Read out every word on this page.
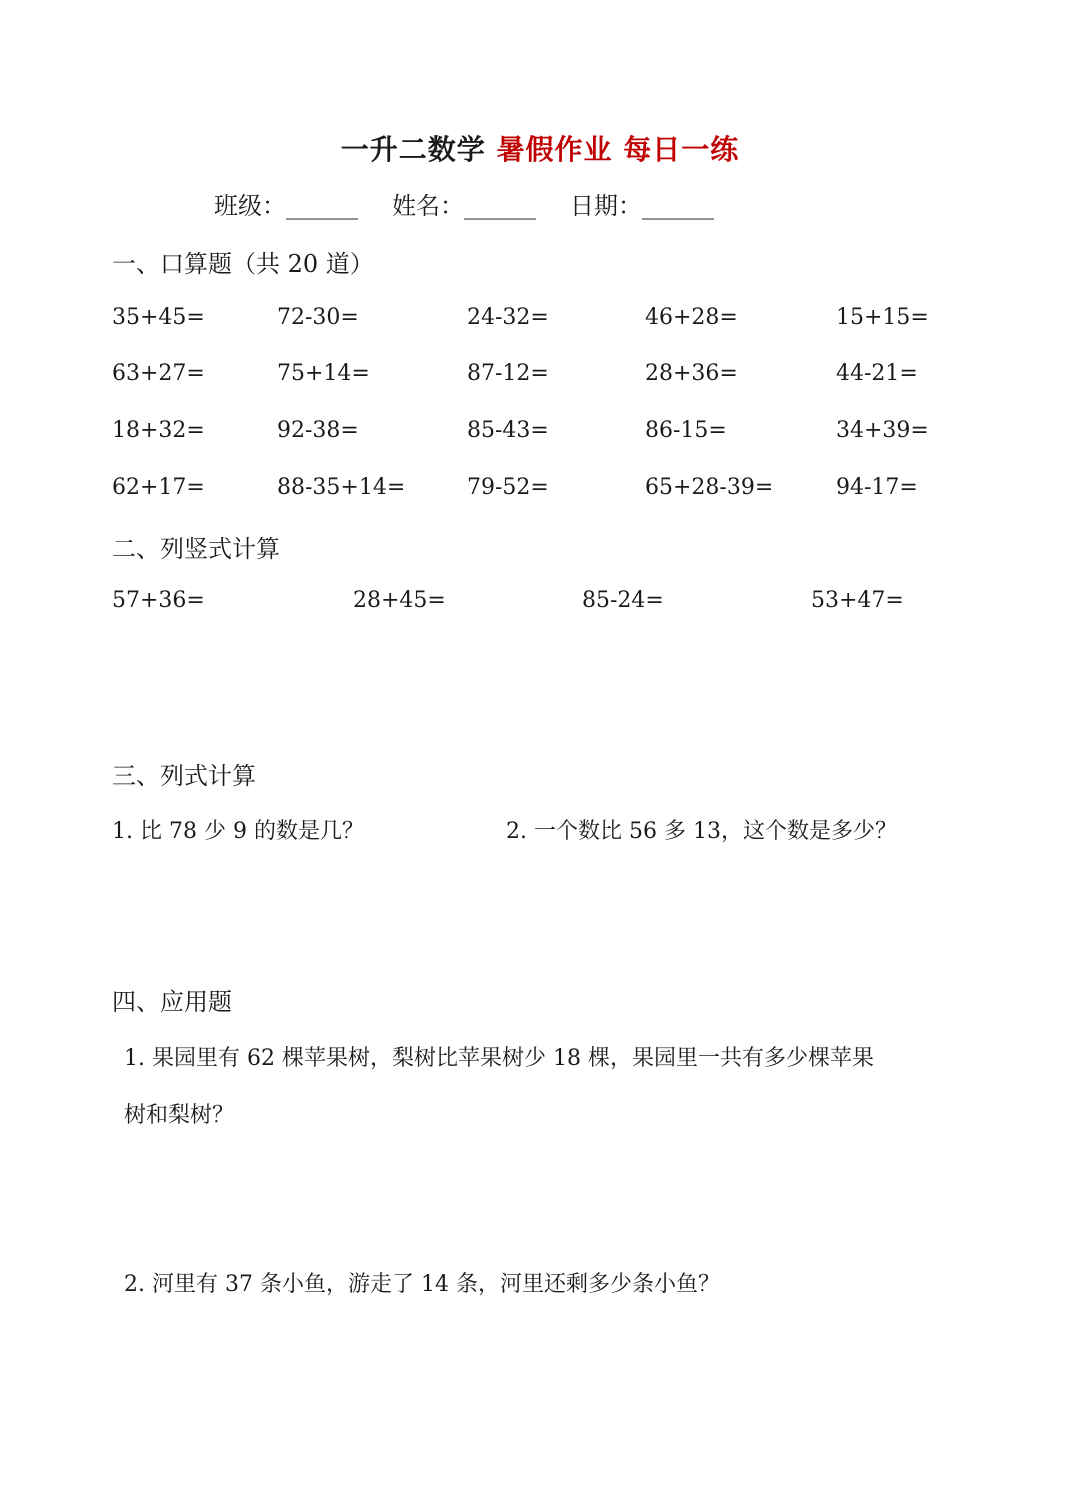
一升二数学 暑假作业 每日一练
班级：______ 姓名：______ 日期：______
一、口算题（共 20 道）
35+45=	72-30=	24-32=	46+28=	15+15=
63+27=	75+14=	87-12=	28+36=	44-21=
18+32=	92-38=	85-43=	86-15=	34+39=
62+17=	88-35+14=	79-52=	65+28-39=	94-17=
二、列竖式计算
57+36=	28+45=	85-24=	53+47=
三、列式计算
1. 比 78 少 9 的数是几？	2. 一个数比 56 多 13，这个数是多少？
四、应用题
1. 果园里有 62 棵苹果树，梨树比苹果树少 18 棵，果园里一共有多少棵苹果
树和梨树？
2. 河里有 37 条小鱼，游走了 14 条，河里还剩多少条小鱼？
